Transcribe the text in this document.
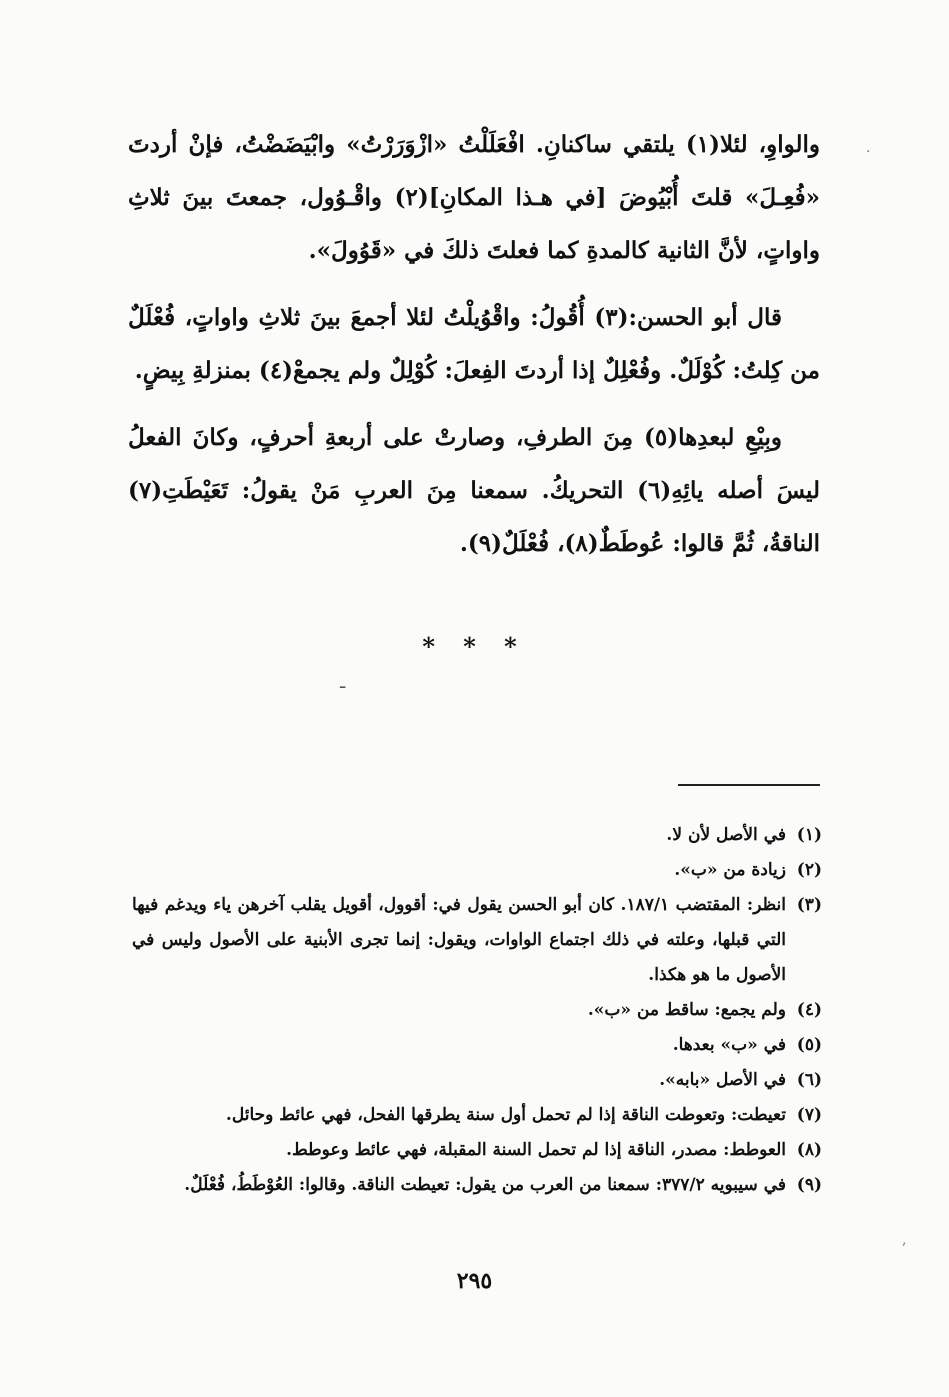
والواوِ، لئلا(١) يلتقي ساكنانِ. افْعَلَلْتُ «ازْوَرَرْتُ» وابْيَضَضْتُ، فإنْ أردتَ «فُعِـلَ» قلتَ أُبْيُوضَ [في هـذا المكانِ](٢) واقْـوُول، جمعتَ بينَ ثلاثِ واواتٍ، لأنَّ الثانية كالمدةِ كما فعلتَ ذلكَ في «قَوُولَ».

قال أبو الحسن:(٣) أُقُولُ: واقْوُيلْتُ لئلا أجمعَ بينَ ثلاثِ واواتٍ، فُعْلَلٌ من كِلتُ: كُوْلَلٌ. وفُعْلِلٌ إذا أردتَ الفِعلَ: كُوْلِلٌ ولم يجمعْ(٤) بمنزلةِ بِيضٍ.

وبِيْعِ لبعدِها(٥) مِنَ الطرفِ، وصارتْ على أربعةِ أحرفٍ، وكانَ الفعلُ ليسَ أصله يائِهِ(٦) التحريكُ. سمعنا مِنَ العربِ مَنْ يقولُ: تَعَيْطَتِ(٧) الناقةُ، ثُمَّ قالوا: عُوطَطٌ(٨)، فُعْلَلٌ(٩).

* * *
ـ

(١)في الأصل لأن لا.

(٢)زيادة من «ب».

(٣)انظر: المقتضب ١٨٧/١. كان أبو الحسن يقول في: أقوول، أقويل يقلب آخرهن ياء ويدغم فيها التي قبلها، وعلته في ذلك اجتماع الواوات، ويقول: إنما تجرى الأبنية على الأصول وليس في الأصول ما هو هكذا.

(٤)ولم يجمع: ساقط من «ب».

(٥)في «ب» بعدها.

(٦)في الأصل «بابه».

(٧)تعيطت: وتعوطت الناقة إذا لم تحمل أول سنة يطرقها الفحل، فهي عائط وحائل.

(٨)العوطط: مصدر، الناقة إذا لم تحمل السنة المقبلة، فهي عائط وعوطط.

(٩)في سيبويه ٣٧٧/٢: سمعنا من العرب من يقول: تعيطت الناقة. وقالوا: العُوْطَطُ، فُعْلَلٌ.

٢٩٥
·
,
